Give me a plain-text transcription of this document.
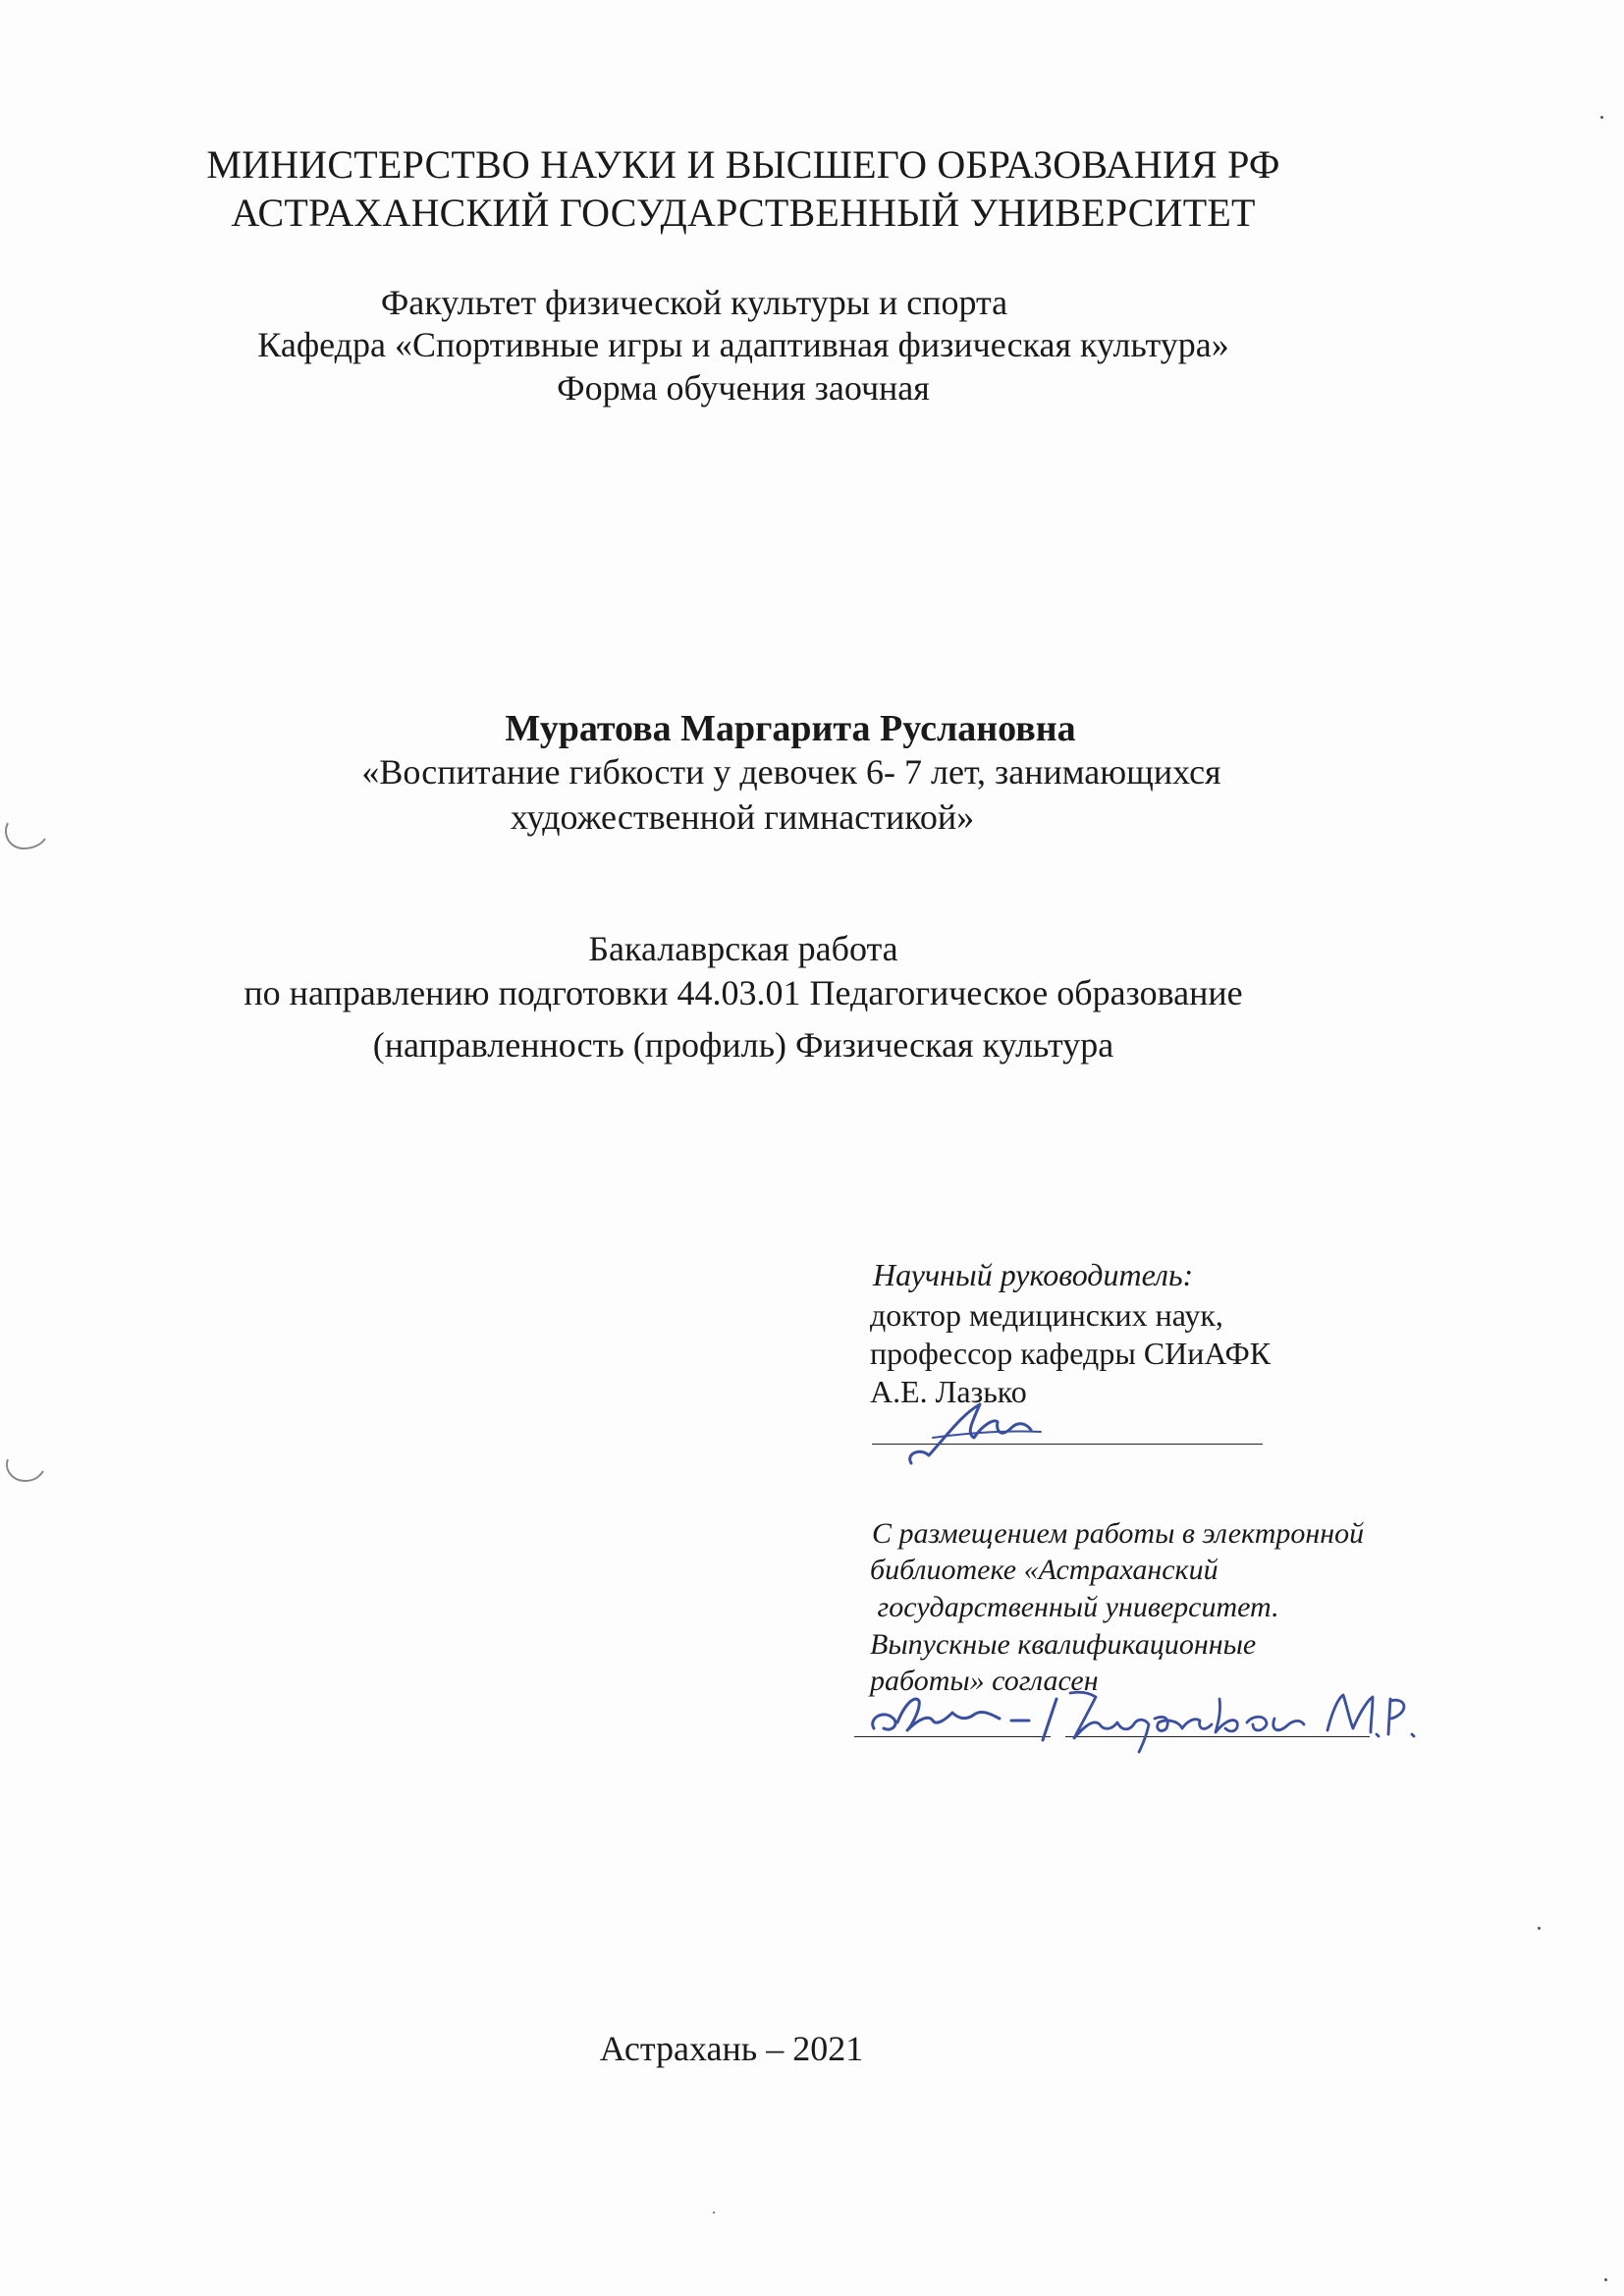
МИНИСТЕРСТВО НАУКИ И ВЫСШЕГО ОБРАЗОВАНИЯ РФ
АСТРАХАНСКИЙ ГОСУДАРСТВЕННЫЙ УНИВЕРСИТЕТ
Факультет физической культуры и спорта
Кафедра «Спортивные игры и адаптивная физическая культура»
Форма обучения заочная
Муратова Маргарита Руслановна
«Воспитание гибкости у девочек 6- 7 лет, занимающихся
художественной гимнастикой»
Бакалаврская работа
по направлению подготовки 44.03.01 Педагогическое образование
(направленность (профиль) Физическая культура
Научный руководитель:
доктор медицинских наук,
профессор кафедры СИиАФК
А.Е. Лазько
С размещением работы в электронной
библиотеке «Астраханский
государственный университет.
Выпускные квалификационные
работы» согласен
Астрахань – 2021
